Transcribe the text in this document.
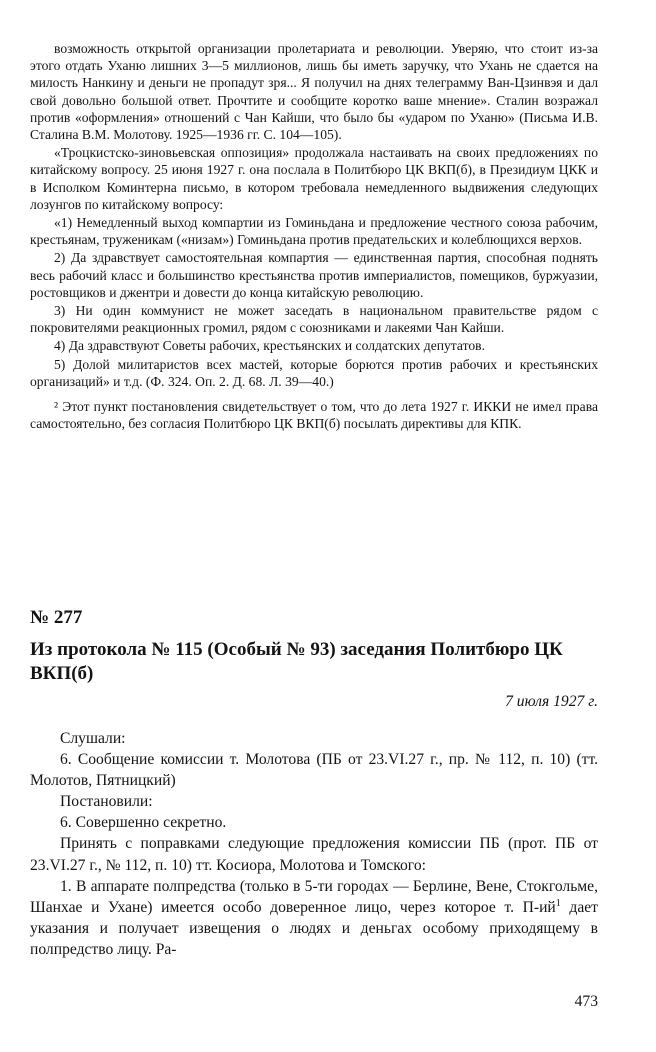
возможность открытой организации пролетариата и революции. Уверяю, что стоит из-за этого отдать Уханю лишних 3—5 миллионов, лишь бы иметь заручку, что Ухань не сдается на милость Нанкину и деньги не пропадут зря... Я получил на днях телеграмму Ван-Цзинвэя и дал свой довольно большой ответ. Прочтите и сообщите коротко ваше мнение». Сталин возражал против «оформления» отношений с Чан Кайши, что было бы «ударом по Уханю» (Письма И.В. Сталина В.М. Молотову. 1925—1936 гг. С. 104—105).

«Троцкистско-зиновьевская оппозиция» продолжала настаивать на своих предложениях по китайскому вопросу. 25 июня 1927 г. она послала в Политбюро ЦК ВКП(б), в Президиум ЦКК и в Исполком Коминтерна письмо, в котором требовала немедленного выдвижения следующих лозунгов по китайскому вопросу:

«1) Немедленный выход компартии из Гоминьдана и предложение честного союза рабочим, крестьянам, труженикам («низам») Гоминьдана против предательских и колеблющихся верхов.

2) Да здравствует самостоятельная компартия — единственная партия, способная поднять весь рабочий класс и большинство крестьянства против империалистов, помещиков, буржуазии, ростовщиков и джентри и довести до конца китайскую революцию.

3) Ни один коммунист не может заседать в национальном правительстве рядом с покровителями реакционных громил, рядом с союзниками и лакеями Чан Кайши.

4) Да здравствуют Советы рабочих, крестьянских и солдатских депутатов.

5) Долой милитаристов всех мастей, которые борются против рабочих и крестьянских организаций» и т.д. (Ф. 324. Оп. 2. Д. 68. Л. 39—40.)

² Этот пункт постановления свидетельствует о том, что до лета 1927 г. ИККИ не имел права самостоятельно, без согласия Политбюро ЦК ВКП(б) посылать директивы для КПК.

№ 277
Из протокола № 115 (Особый № 93) заседания Политбюро ЦК ВКП(б)
7 июля 1927 г.

Слушали:

6. Сообщение комиссии т. Молотова (ПБ от 23.VI.27 г., пр. № 112, п. 10) (тт. Молотов, Пятницкий)

Постановили:

6. Совершенно секретно.

Принять с поправками следующие предложения комиссии ПБ (прот. ПБ от 23.VI.27 г., № 112, п. 10) тт. Косиора, Молотова и Томского:

1. В аппарате полпредства (только в 5-ти городах — Берлине, Вене, Стокгольме, Шанхае и Ухане) имеется особо доверенное лицо, через которое т. $П-ий^1$ дает указания и получает извещения о людях и деньгах особому приходящему в полпредство лицу. Ра-

473
